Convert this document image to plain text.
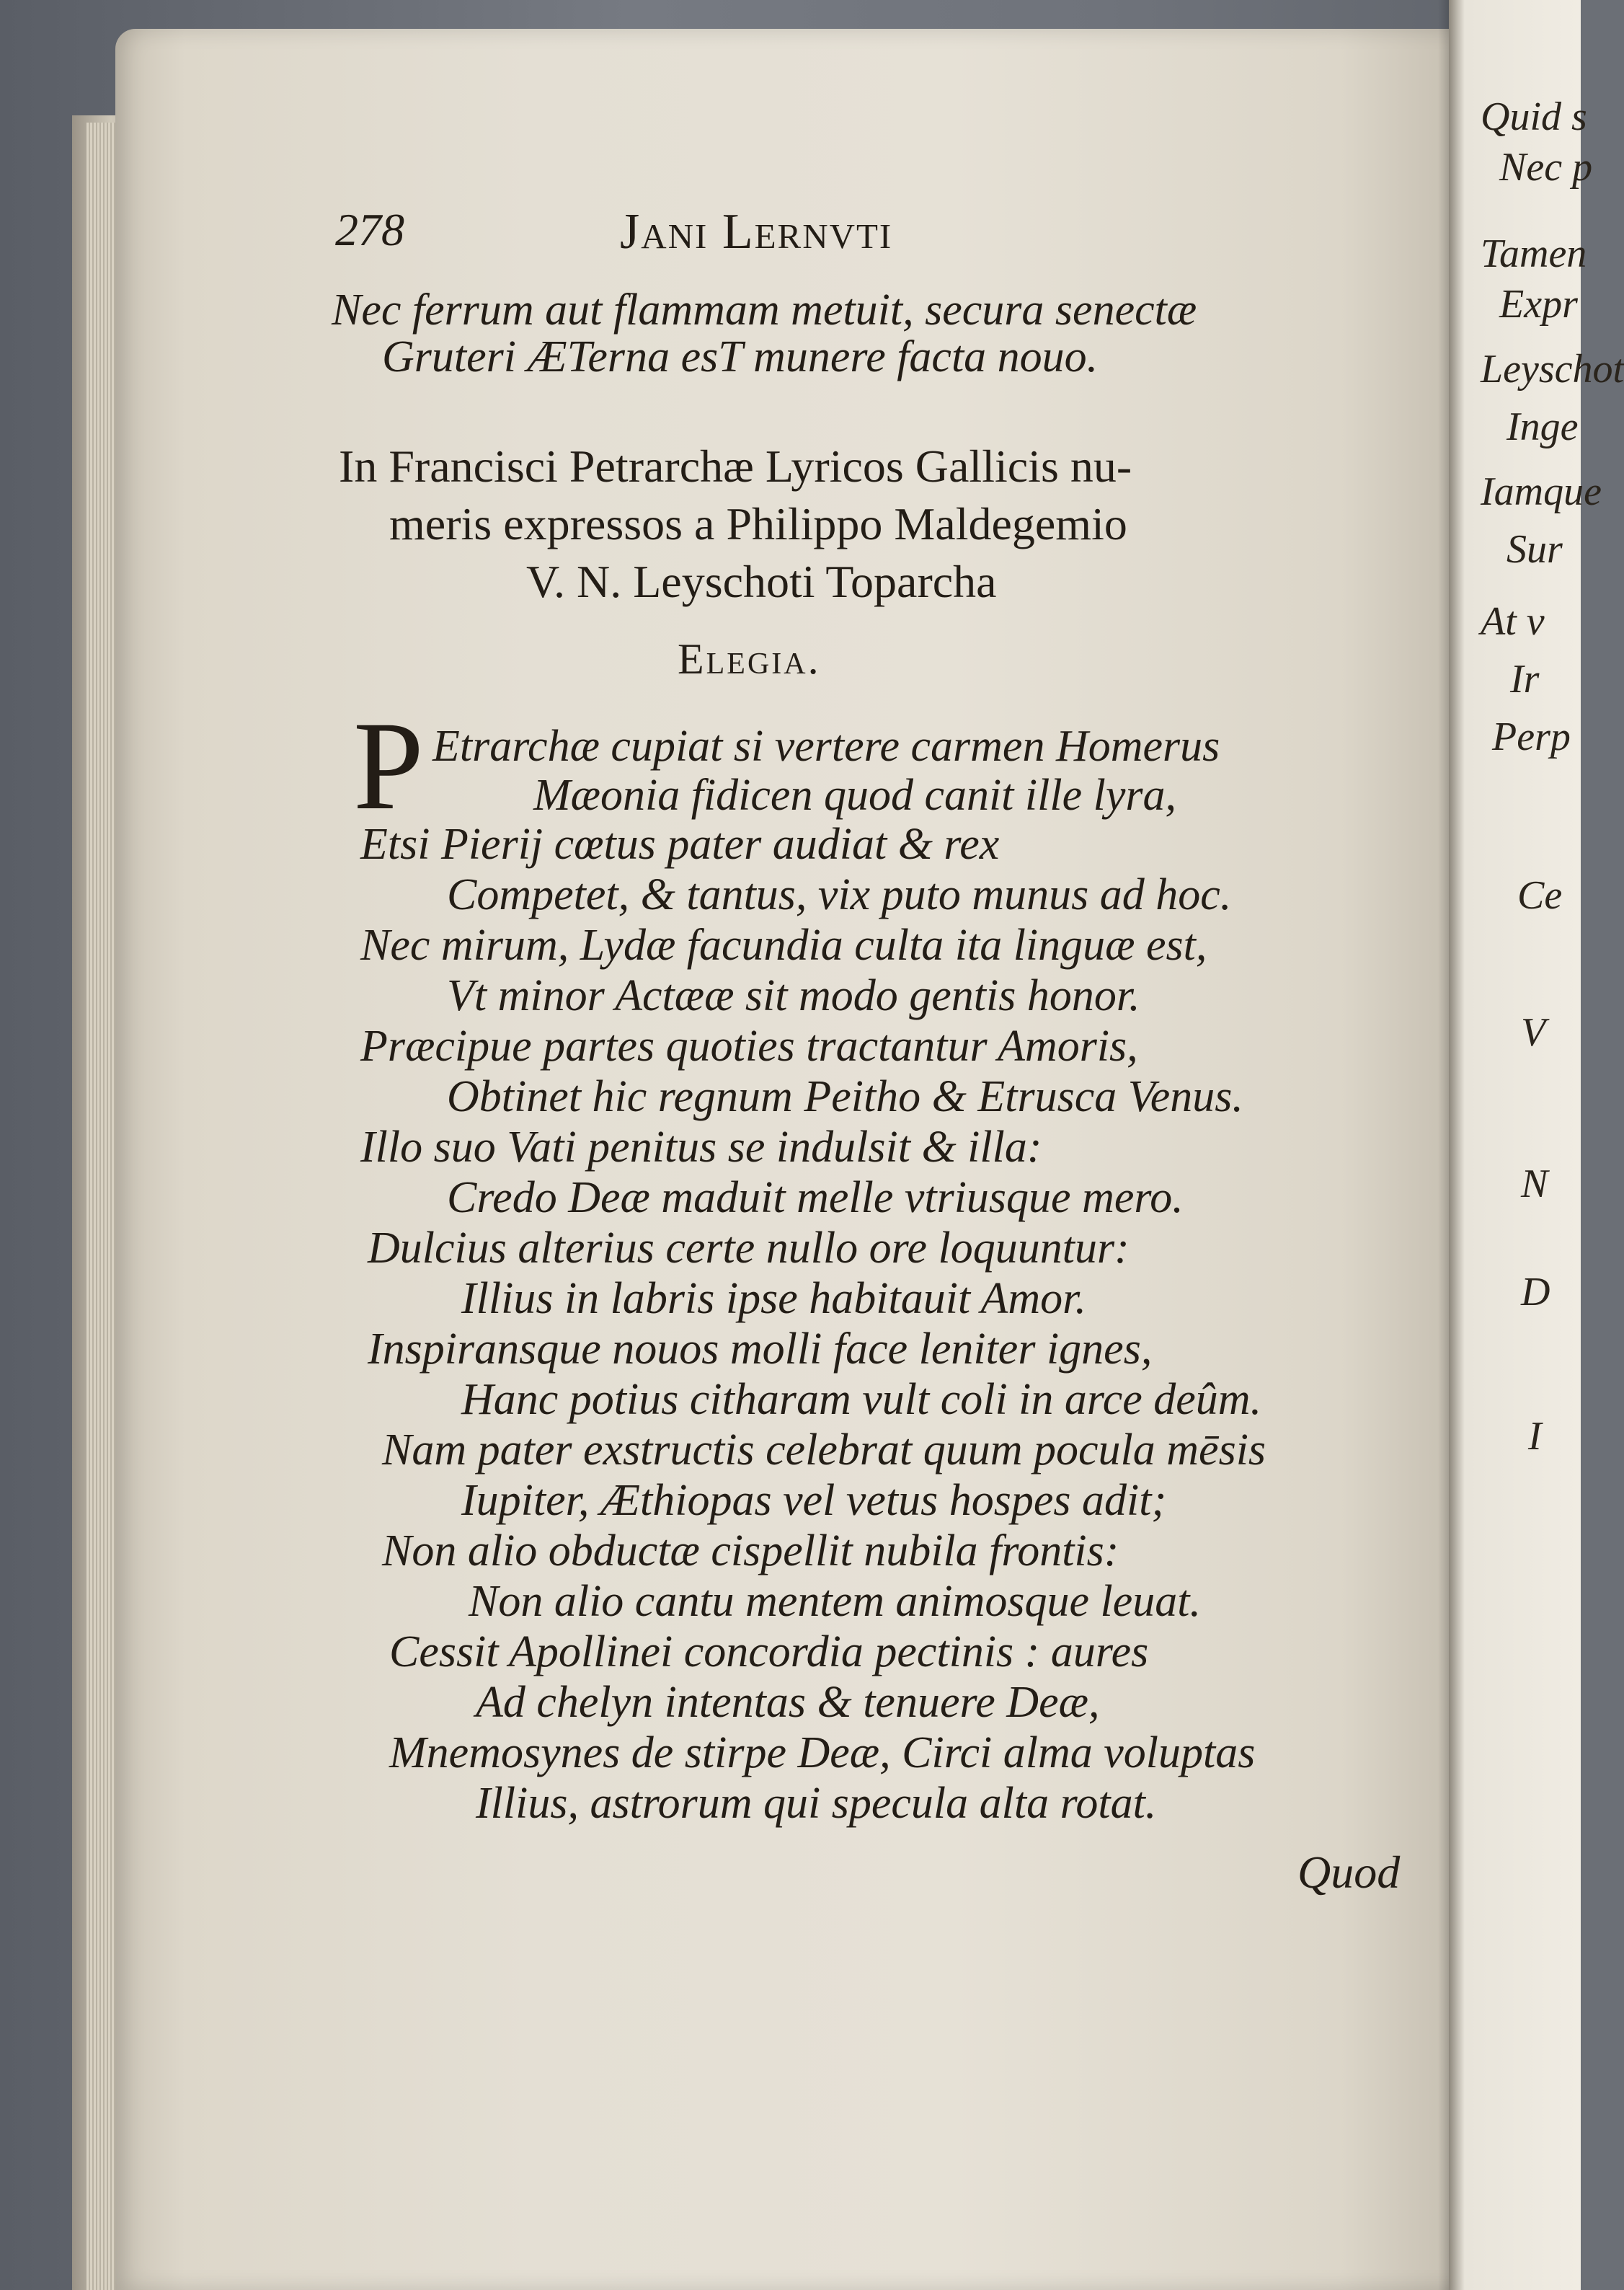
278	Jani Lernvti
Nec ferrum aut flammam metuit, secura senectæ
Gruteri ÆTerna esT munere facta nouo.
In Francisci Petrarchæ Lyricos Gallicis nu-
meris expressos a Philippo Maldegemio
V. N. Leyschoti Toparcha
Elegia.
P Etrarchæ cupiat si vertere carmen Homerus
Mæonia fidicen quod canit ille lyra,
Etsi Pierij cœtus pater audiat & rex
Competet, & tantus, vix puto munus ad hoc.
Nec mirum, Lydæ facundia culta ita linguæ est,
Vt minor Actææ sit modo gentis honor.
Præcipue partes quoties tractantur Amoris,
Obtinet hic regnum Peitho & Etrusca Venus.
Illo suo Vati penitus se indulsit & illa:
Credo Deæ maduit melle vtriusque mero.
Dulcius alterius certe nullo ore loquuntur:
Illius in labris ipse habitauit Amor.
Inspiransque nouos molli face leniter ignes,
Hanc potius citharam vult coli in arce deûm.
Nam pater exstructis celebrat quum pocula mēsis
Iupiter, Æthiopas vel vetus hospes adit;
Non alio obductæ cispellit nubila frontis:
Non alio cantu mentem animosque leuat.
Cessit Apollinei concordia pectinis : aures
Ad chelyn intentas & tenuere Deæ,
Mnemosynes de stirpe Deæ, Circi alma voluptas
Illius, astrorum qui specula alta rotat.
Quod
Quid s
Nec p
Tamen
Expr
Leyschot
Inge
Iamque
Sur
At v
Ir
Perp
Ce
V
N
D
I
